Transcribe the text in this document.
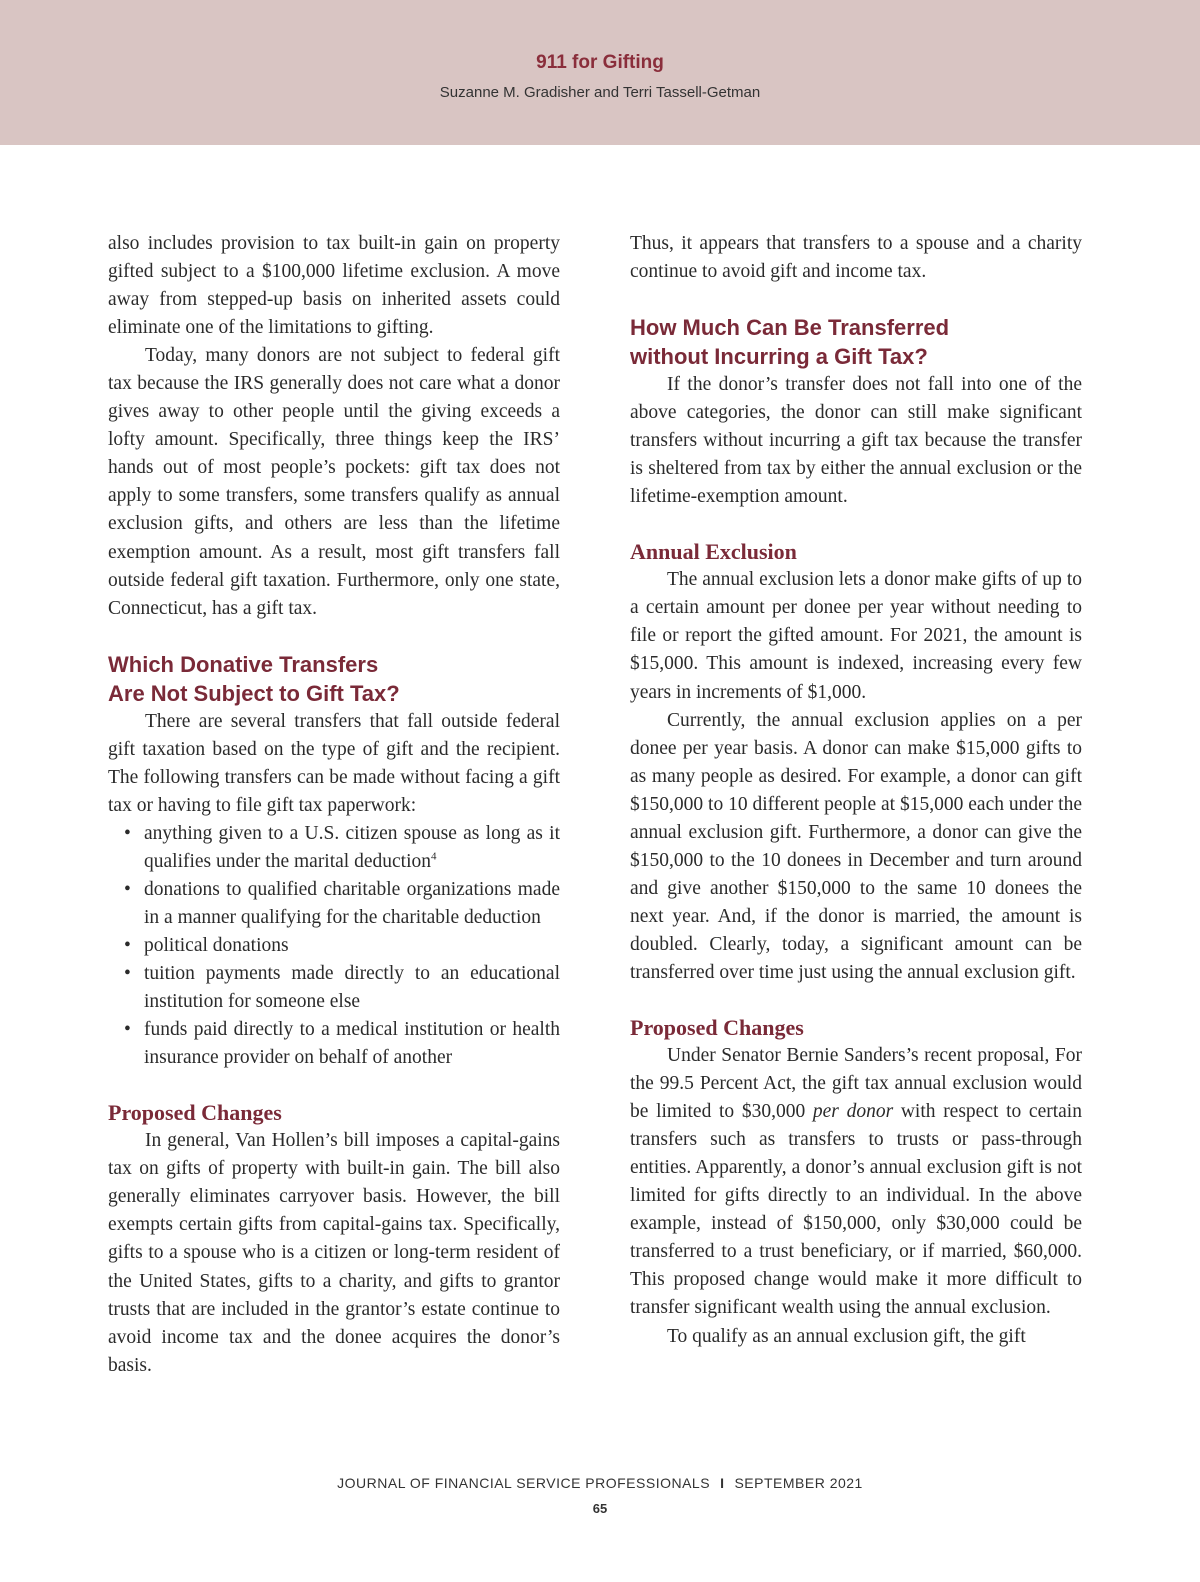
911 for Gifting
Suzanne M. Gradisher and Terri Tassell-Getman

also includes provision to tax built-in gain on property gifted subject to a $100,000 lifetime exclusion. A move away from stepped-up basis on inherited assets could eliminate one of the limitations to gifting.

Today, many donors are not subject to federal gift tax because the IRS generally does not care what a donor gives away to other people until the giving exceeds a lofty amount. Specifically, three things keep the IRS’ hands out of most people’s pockets: gift tax does not apply to some transfers, some transfers qualify as annual exclusion gifts, and others are less than the lifetime exemption amount. As a result, most gift transfers fall outside federal gift taxation. Furthermore, only one state, Connecticut, has a gift tax.

Which Donative Transfers
Are Not Subject to Gift Tax?

There are several transfers that fall outside federal gift taxation based on the type of gift and the recipient. The following transfers can be made without facing a gift tax or having to file gift tax paperwork:

• anything given to a U.S. citizen spouse as long as it qualifies under the marital deduction$^4$
• donations to qualified charitable organizations made in a manner qualifying for the charitable deduction
• political donations
• tuition payments made directly to an educational institution for someone else
• funds paid directly to a medical institution or health insurance provider on behalf of another
Proposed Changes

In general, Van Hollen’s bill imposes a capital-gains tax on gifts of property with built-in gain. The bill also generally eliminates carryover basis. However, the bill exempts certain gifts from capital-gains tax. Specifically, gifts to a spouse who is a citizen or long-term resident of the United States, gifts to a charity, and gifts to grantor trusts that are included in the grantor’s estate continue to avoid income tax and the donee acquires the donor’s basis.

Thus, it appears that transfers to a spouse and a charity continue to avoid gift and income tax.

How Much Can Be Transferred
without Incurring a Gift Tax?

If the donor’s transfer does not fall into one of the above categories, the donor can still make significant transfers without incurring a gift tax because the transfer is sheltered from tax by either the annual exclusion or the lifetime-exemption amount.

Annual Exclusion

The annual exclusion lets a donor make gifts of up to a certain amount per donee per year without needing to file or report the gifted amount. For 2021, the amount is $15,000. This amount is indexed, increasing every few years in increments of $1,000.

Currently, the annual exclusion applies on a per donee per year basis. A donor can make $15,000 gifts to as many people as desired. For example, a donor can gift $150,000 to 10 different people at $15,000 each under the annual exclusion gift. Furthermore, a donor can give the $150,000 to the 10 donees in December and turn around and give another $150,000 to the same 10 donees the next year. And, if the donor is married, the amount is doubled. Clearly, today, a significant amount can be transferred over time just using the annual exclusion gift.

Proposed Changes

Under Senator Bernie Sanders’s recent proposal, For the 99.5 Percent Act, the gift tax annual exclusion would be limited to $30,000 per donor with respect to certain transfers such as transfers to trusts or pass-through entities. Apparently, a donor’s annual exclusion gift is not limited for gifts directly to an individual. In the above example, instead of $150,000, only $30,000 could be transferred to a trust beneficiary, or if married, $60,000. This proposed change would make it more difficult to transfer significant wealth using the annual exclusion.

To qualify as an annual exclusion gift, the gift

JOURNAL OF FINANCIAL SERVICE PROFESSIONALS I SEPTEMBER 2021
65
